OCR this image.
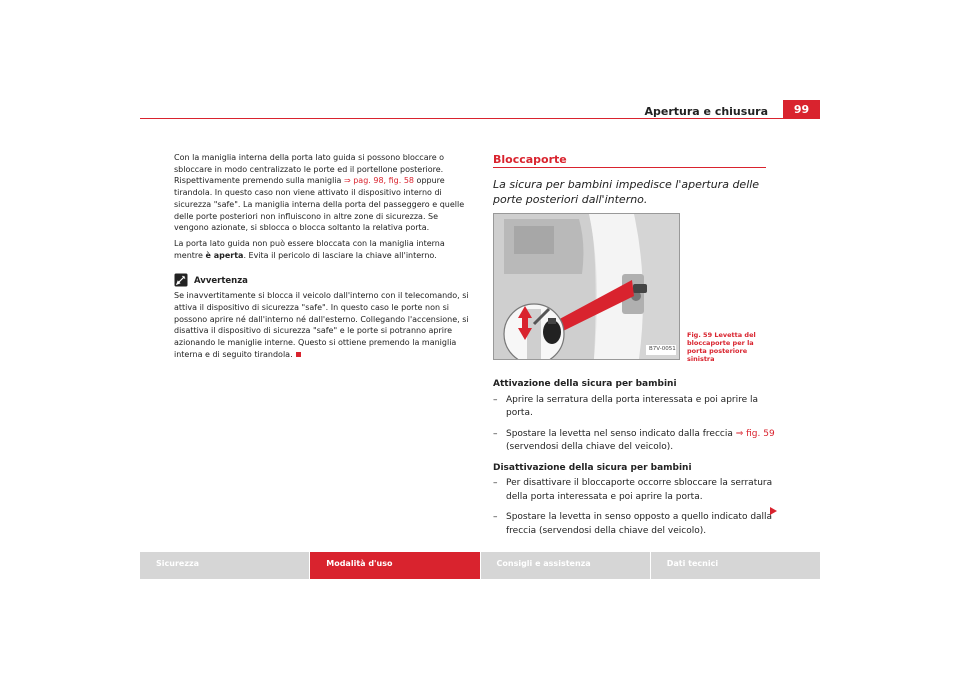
Apertura e chiusura	99

Con la maniglia interna della porta lato guida si possono bloccare o sbloccare in modo centralizzato le porte ed il portellone posteriore. Rispettivamente premendo sulla maniglia ⇒ pag. 98, fig. 58 oppure tirandola. In questo caso non viene attivato il dispositivo interno di sicurezza "safe". La maniglia interna della porta del passeggero e quelle delle porte posteriori non influiscono in altre zone di sicurezza. Se vengono azionate, si sblocca o blocca soltanto la relativa porta.

La porta lato guida non può essere bloccata con la maniglia interna mentre è aperta. Evita il pericolo di lasciare la chiave all'interno.

Avvertenza

Se inavvertitamente si blocca il veicolo dall'interno con il telecomando, si attiva il dispositivo di sicurezza "safe". In questo caso le porte non si possono aprire né dall'interno né dall'esterno. Collegando l'accensione, si disattiva il dispositivo di sicurezza "safe" e le porte si potranno aprire azionando le maniglie interne. Questo si ottiene premendo la maniglia interna e di seguito tirandola.

Bloccaporte
La sicura per bambini impedisce l'apertura delle porte posteriori dall'interno.
B7V-0051
Fig. 59 Levetta del bloccaporte per la porta posteriore sinistra
Attivazione della sicura per bambini
– Aprire la serratura della porta interessata e poi aprire la porta.
– Spostare la levetta nel senso indicato dalla freccia ⇒ fig. 59 (servendosi della chiave del veicolo).
Disattivazione della sicura per bambini
– Per disattivare il bloccaporte occorre sbloccare la serratura della porta interessata e poi aprire la porta.
– Spostare la levetta in senso opposto a quello indicato dalla freccia (servendosi della chiave del veicolo).
Sicurezza	Modalità d'uso	Consigli e assistenza	Dati tecnici
